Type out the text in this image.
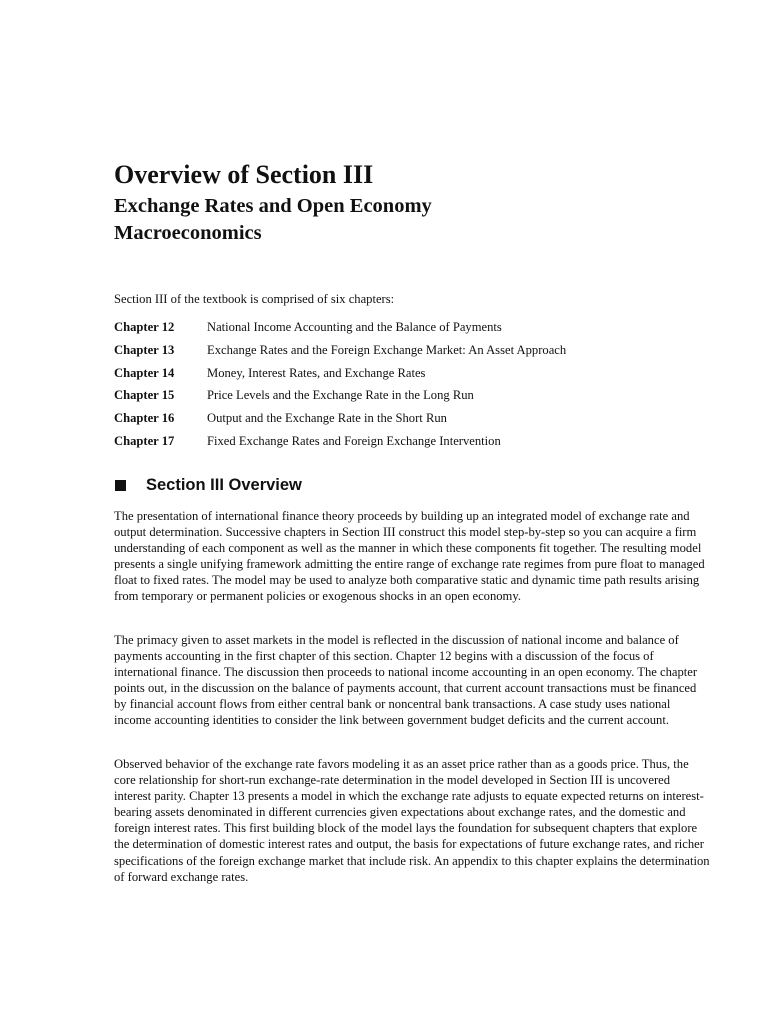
Overview of Section III
Exchange Rates and Open Economy Macroeconomics

Section III of the textbook is comprised of six chapters:

Chapter 12	National Income Accounting and the Balance of Payments
Chapter 13	Exchange Rates and the Foreign Exchange Market: An Asset Approach
Chapter 14	Money, Interest Rates, and Exchange Rates
Chapter 15	Price Levels and the Exchange Rate in the Long Run
Chapter 16	Output and the Exchange Rate in the Short Run
Chapter 17	Fixed Exchange Rates and Foreign Exchange Intervention
Section III Overview

The presentation of international finance theory proceeds by building up an integrated model of exchange rate and output determination. Successive chapters in Section III construct this model step-by-step so you can acquire a firm understanding of each component as well as the manner in which these components fit together. The resulting model presents a single unifying framework admitting the entire range of exchange rate regimes from pure float to managed float to fixed rates. The model may be used to analyze both comparative static and dynamic time path results arising from temporary or permanent policies or exogenous shocks in an open economy.

The primacy given to asset markets in the model is reflected in the discussion of national income and balance of payments accounting in the first chapter of this section. Chapter 12 begins with a discussion of the focus of international finance. The discussion then proceeds to national income accounting in an open economy. The chapter points out, in the discussion on the balance of payments account, that current account transactions must be financed by financial account flows from either central bank or noncentral bank transactions. A case study uses national income accounting identities to consider the link between government budget deficits and the current account.

Observed behavior of the exchange rate favors modeling it as an asset price rather than as a goods price. Thus, the core relationship for short-run exchange-rate determination in the model developed in Section III is uncovered interest parity. Chapter 13 presents a model in which the exchange rate adjusts to equate expected returns on interest-bearing assets denominated in different currencies given expectations about exchange rates, and the domestic and foreign interest rates. This first building block of the model lays the foundation for subsequent chapters that explore the determination of domestic interest rates and output, the basis for expectations of future exchange rates, and richer specifications of the foreign exchange market that include risk. An appendix to this chapter explains the determination of forward exchange rates.
